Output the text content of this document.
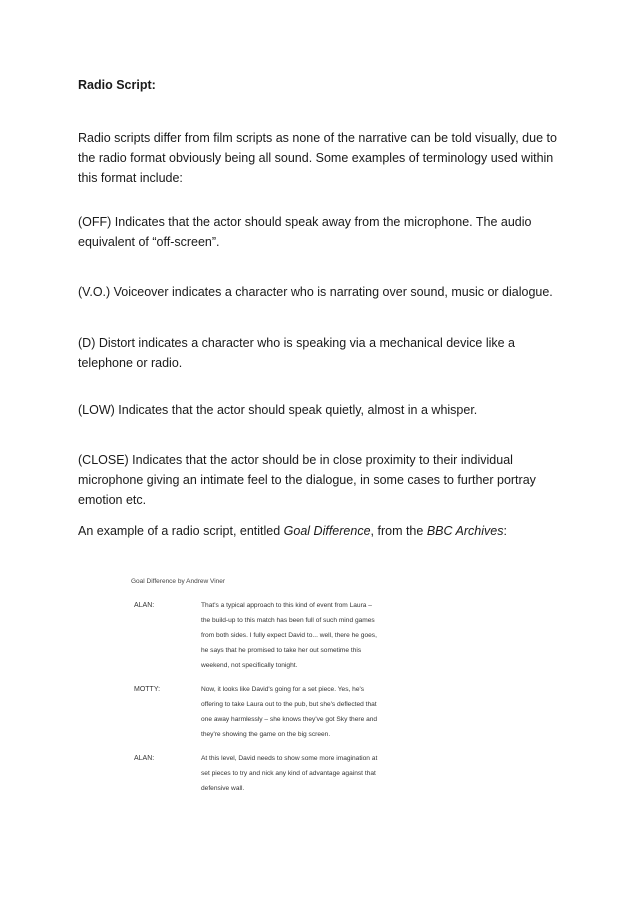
Radio Script:
Radio scripts differ from film scripts as none of the narrative can be told visually, due to the radio format obviously being all sound. Some examples of terminology used within this format include:
(OFF) Indicates that the actor should speak away from the microphone. The audio equivalent of “off-screen”.
(V.O.) Voiceover indicates a character who is narrating over sound, music or dialogue.
(D) Distort indicates a character who is speaking via a mechanical device like a telephone or radio.
(LOW) Indicates that the actor should speak quietly, almost in a whisper.
(CLOSE) Indicates that the actor should be in close proximity to their individual microphone giving an intimate feel to the dialogue, in some cases to further portray emotion etc.
An example of a radio script, entitled Goal Difference, from the BBC Archives:
Goal Difference by Andrew Viner
ALAN:	That's a typical approach to this kind of event from Laura –
the build-up to this match has been full of such mind games
from both sides. I fully expect David to... well, there he goes,
he says that he promised to take her out sometime this
weekend, not specifically tonight.
MOTTY:	Now, it looks like David's going for a set piece. Yes, he's
offering to take Laura out to the pub, but she's deflected that
one away harmlessly – she knows they've got Sky there and
they're showing the game on the big screen.
ALAN:	At this level, David needs to show some more imagination at
set pieces to try and nick any kind of advantage against that
defensive wall.
